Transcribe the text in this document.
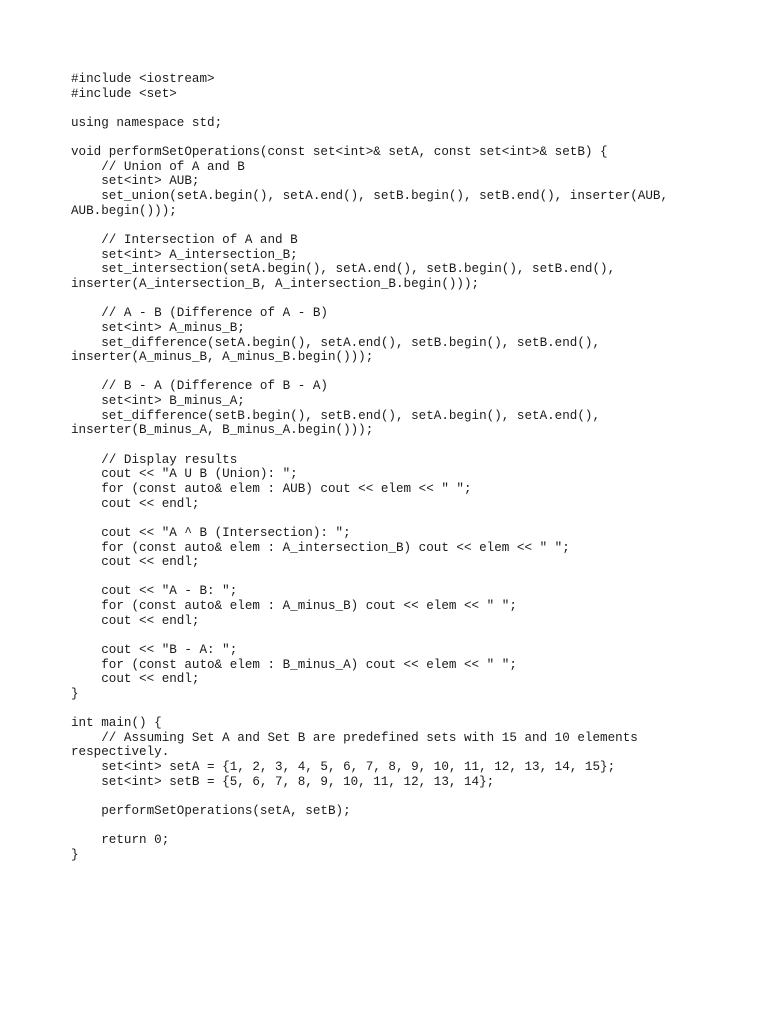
#include <iostream>
#include <set>
using namespace std;
void performSetOperations(const set<int>& setA, const set<int>& setB) {
// Union of A and B
set<int> AUB;
set_union(setA.begin(), setA.end(), setB.begin(), setB.end(), inserter(AUB,
AUB.begin()));
// Intersection of A and B
set<int> A_intersection_B;
set_intersection(setA.begin(), setA.end(), setB.begin(), setB.end(),
inserter(A_intersection_B, A_intersection_B.begin()));
// A - B (Difference of A - B)
set<int> A_minus_B;
set_difference(setA.begin(), setA.end(), setB.begin(), setB.end(),
inserter(A_minus_B, A_minus_B.begin()));
// B - A (Difference of B - A)
set<int> B_minus_A;
set_difference(setB.begin(), setB.end(), setA.begin(), setA.end(),
inserter(B_minus_A, B_minus_A.begin()));
// Display results
cout << "A U B (Union): ";
for (const auto& elem : AUB) cout << elem << " ";
cout << endl;
cout << "A ^ B (Intersection): ";
for (const auto& elem : A_intersection_B) cout << elem << " ";
cout << endl;
cout << "A - B: ";
for (const auto& elem : A_minus_B) cout << elem << " ";
cout << endl;
cout << "B - A: ";
for (const auto& elem : B_minus_A) cout << elem << " ";
cout << endl;
}
int main() {
// Assuming Set A and Set B are predefined sets with 15 and 10 elements
respectively.
set<int> setA = {1, 2, 3, 4, 5, 6, 7, 8, 9, 10, 11, 12, 13, 14, 15};
set<int> setB = {5, 6, 7, 8, 9, 10, 11, 12, 13, 14};
performSetOperations(setA, setB);
return 0;
}
